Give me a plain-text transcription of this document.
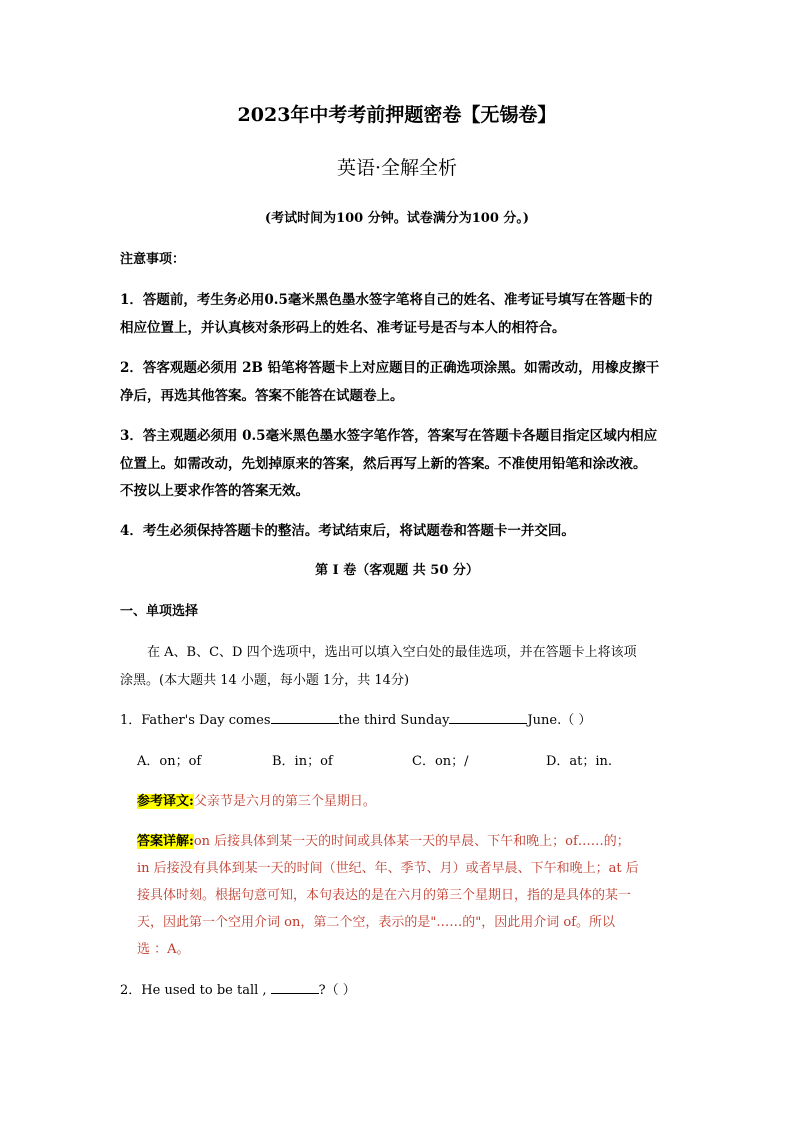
2023年中考考前押题密卷【无锡卷】
英语·全解全析
(考试时间为100 分钟。试卷满分为100 分。)
注意事项：
1．答题前，考生务必用0.5毫米黑色墨水签字笔将自己的姓名、准考证号填写在答题卡的
相应位置上，并认真核对条形码上的姓名、准考证号是否与本人的相符合。
2．答客观题必须用 2B 铅笔将答题卡上对应题目的正确选项涂黑。如需改动，用橡皮擦干
净后，再选其他答案。答案不能答在试题卷上。
3．答主观题必须用 0.5毫米黑色墨水签字笔作答，答案写在答题卡各题目指定区域内相应
位置上。如需改动，先划掉原来的答案，然后再写上新的答案。不准使用铅笔和涂改液。
不按以上要求作答的答案无效。
4．考生必须保持答题卡的整洁。考试结束后，将试题卷和答题卡一并交回。
第 I 卷（客观题 共 50 分）
一、单项选择
在 A、B、C、D 四个选项中，选出可以填入空白处的最佳选项，并在答题卡上将该项
涂黑。(本大题共 14 小题，每小题 1分，共 14分)
1．Father's Day comes	the third Sunday	June.（ ）
A．on；of	B．in；of	C．on；/	D．at；in.
参考译文:父亲节是六月的第三个星期日。
答案详解:on 后接具体到某一天的时间或具体某一天的早晨、下午和晚上；of……的；
in 后接没有具体到某一天的时间（世纪、年、季节、月）或者早晨、下午和晚上；at 后
接具体时刻。根据句意可知，本句表达的是在六月的第三个星期日，指的是具体的某一
天，因此第一个空用介词 on，第二个空，表示的是"……的"，因此用介词 of。所以
选 ：A。
2．He used to be tall ,	?（ ）
